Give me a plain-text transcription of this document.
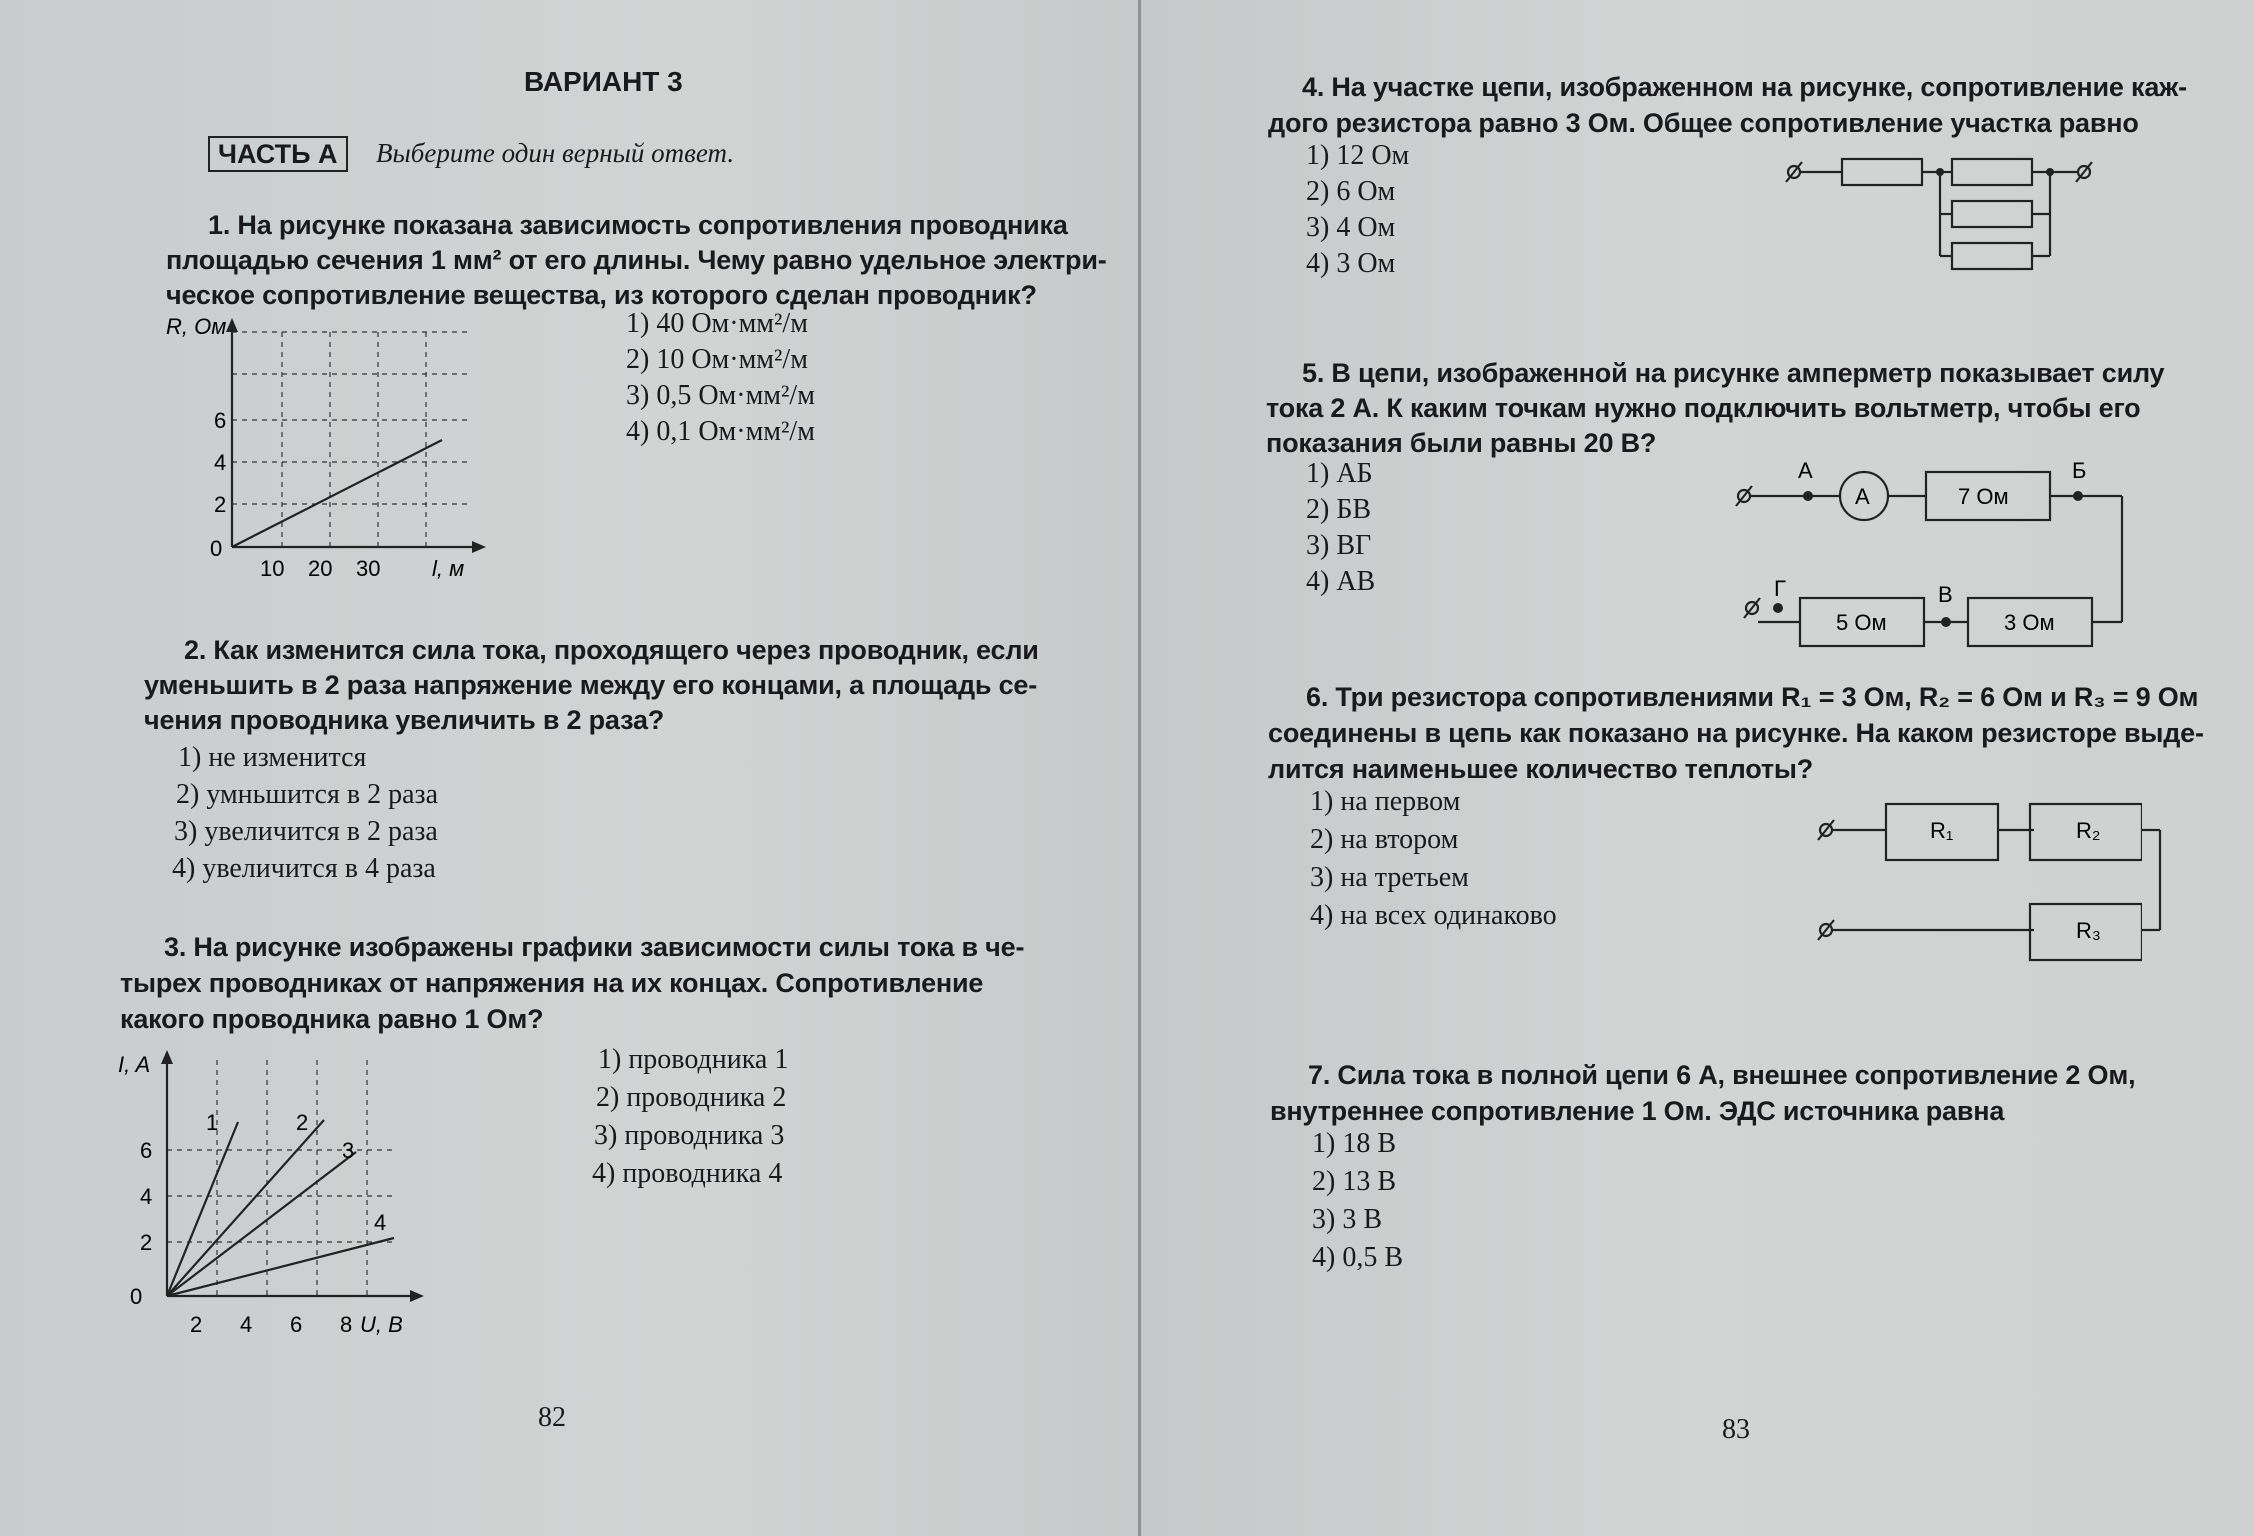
ВАРИАНТ 3
ЧАСТЬ А	Выберите один верный ответ.
1. На рисунке показана зависимость сопротивления проводника
площадью сечения 1 мм² от его длины. Чему равно удельное электри-
ческое сопротивление вещества, из которого сделан проводник?
1) 40 Ом·мм²/м
2) 10 Ом·мм²/м
3) 0,5 Ом·мм²/м
4) 0,1 Ом·мм²/м
R, Ом
6
4
2
0
10 20 30 l, м
2. Как изменится сила тока, проходящего через проводник, если
уменьшить в 2 раза напряжение между его концами, а площадь се-
чения проводника увеличить в 2 раза?
1) не изменится
2) умньшится в 2 раза
3) увеличится в 2 раза
4) увеличится в 4 раза
3. На рисунке изображены графики зависимости силы тока в че-
тырех проводниках от напряжения на их концах. Сопротивление
какого проводника равно 1 Ом?
1) проводника 1
2) проводника 2
3) проводника 3
4) проводника 4
I, A
6
4
2
0
2 4 6 8 U, B
1	2
3
4
82
4. На участке цепи, изображенном на рисунке, сопротивление каж-
дого резистора равно 3 Ом. Общее сопротивление участка равно
1) 12 Ом
2) 6 Ом
3) 4 Ом
4) 3 Ом
5. В цепи, изображенной на рисунке амперметр показывает силу
тока 2 А. К каким точкам нужно подключить вольтметр, чтобы его
показания были равны 20 В?
1) АБ
2) БВ
3) ВГ
4) АВ
А	Б
В
Г
A	7 Ом
3 Ом
5 Ом
6. Три резистора сопротивлениями R₁ = 3 Ом, R₂ = 6 Ом и R₃ = 9 Ом
соединены в цепь как показано на рисунке. На каком резисторе выде-
лится наименьшее количество теплоты?
1) на первом
2) на втором
3) на третьем
4) на всех одинаково
R₁	R₂
R₃
7. Сила тока в полной цепи 6 А, внешнее сопротивление 2 Ом,
внутреннее сопротивление 1 Ом. ЭДС источника равна
1) 18 В
2) 13 В
3) 3 В
4) 0,5 В
83
